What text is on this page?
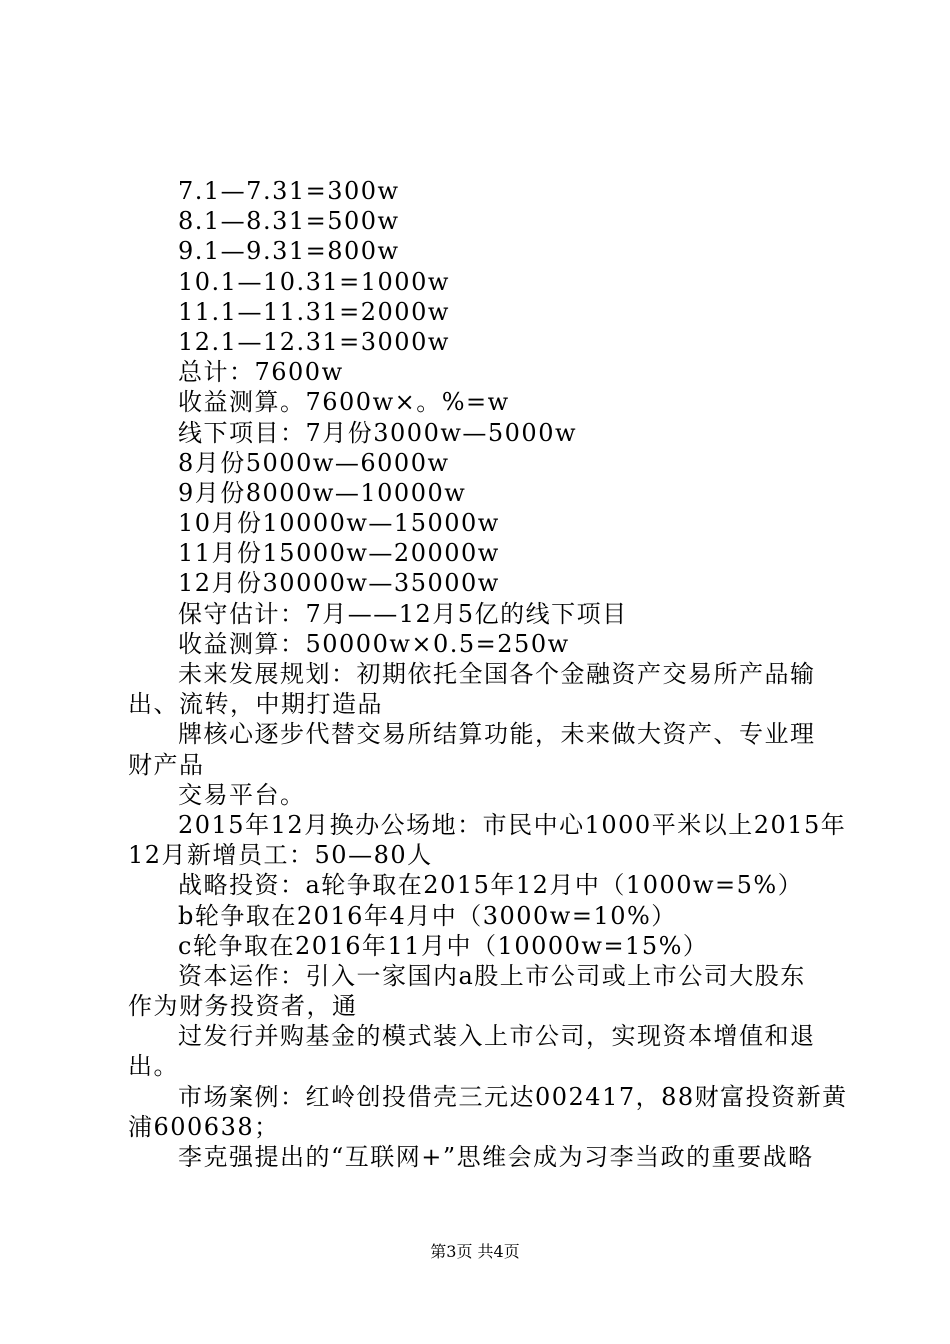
7.1—7.31=300w
8.1—8.31=500w
9.1—9.31=800w
10.1—10.31=1000w
11.1—11.31=2000w
12.1—12.31=3000w
总计：7600w
收益测算。7600w×。%=w
线下项目：7月份3000w—5000w
8月份5000w—6000w
9月份8000w—10000w
10月份10000w—15000w
11月份15000w—20000w
12月份30000w—35000w
保守估计：7月——12月5亿的线下项目
收益测算：50000w×0.5=250w
未来发展规划：初期依托全国各个金融资产交易所产品输
出、流转，中期打造品
牌核心逐步代替交易所结算功能，未来做大资产、专业理
财产品
交易平台。
2015年12月换办公场地：市民中心1000平米以上2015年
12月新增员工：50—80人
战略投资：a轮争取在2015年12月中（1000w=5%）
b轮争取在2016年4月中（3000w=10%）
c轮争取在2016年11月中（10000w=15%）
资本运作：引入一家国内a股上市公司或上市公司大股东
作为财务投资者，通
过发行并购基金的模式装入上市公司，实现资本增值和退
出。
市场案例：红岭创投借壳三元达002417，88财富投资新黄
浦600638；
李克强提出的“互联网+”思维会成为习李当政的重要战略
第3页 共4页
